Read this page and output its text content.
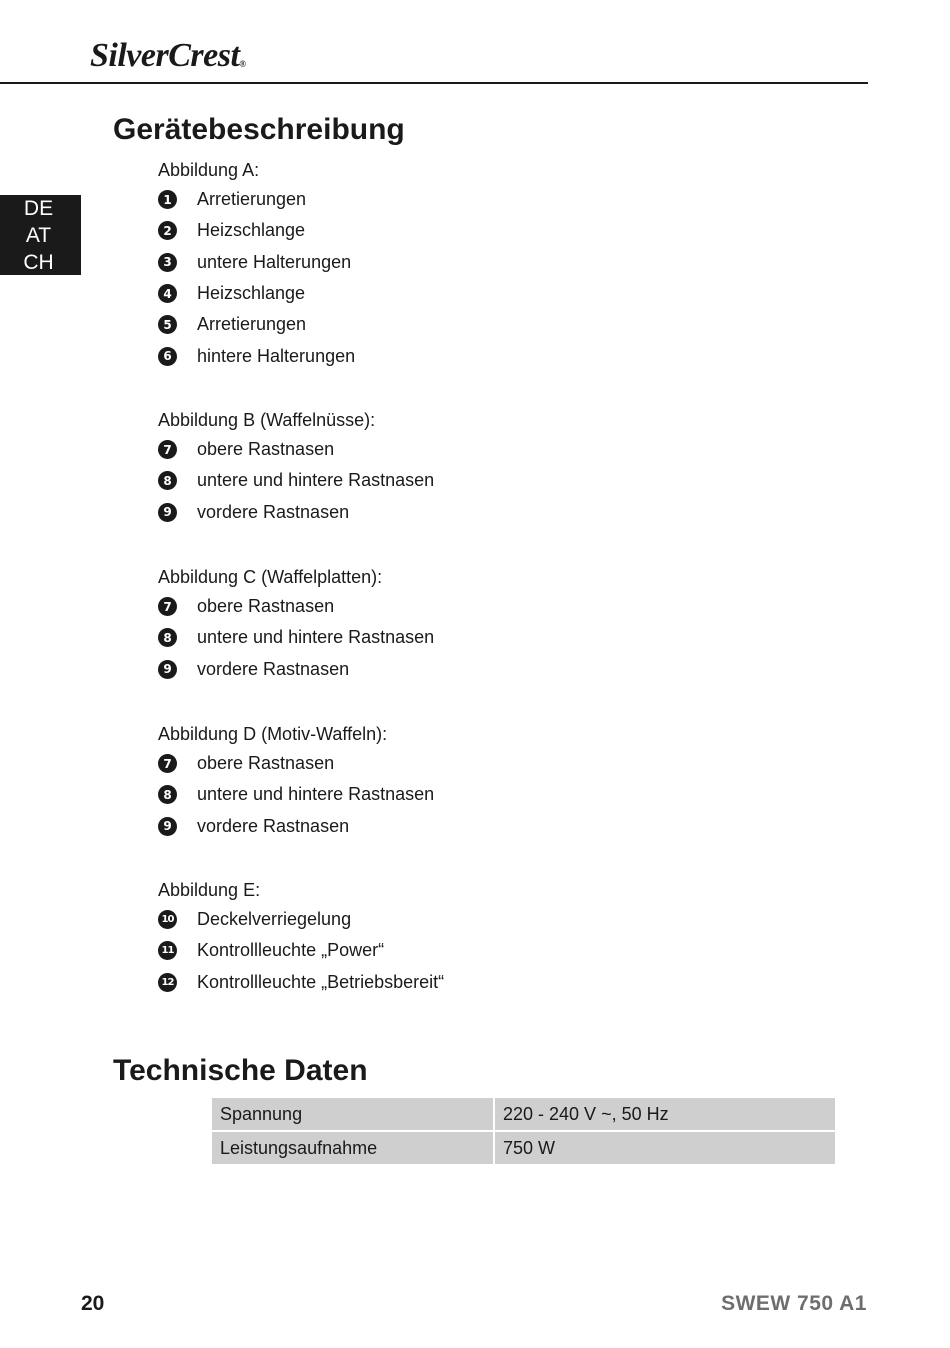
SilverCrest®
DE
AT
CH
Gerätebeschreibung
Abbildung A:
1 Arretierungen
2 Heizschlange
3 untere Halterungen
4 Heizschlange
5 Arretierungen
6 hintere Halterungen
Abbildung B (Waffelnüsse):
7 obere Rastnasen
8 untere und hintere Rastnasen
9 vordere Rastnasen
Abbildung C (Waffelplatten):
7 obere Rastnasen
8 untere und hintere Rastnasen
9 vordere Rastnasen
Abbildung D (Motiv-Waffeln):
7 obere Rastnasen
8 untere und hintere Rastnasen
9 vordere Rastnasen
Abbildung E:
10 Deckelverriegelung
11 Kontrollleuchte „Power“
12 Kontrollleuchte „Betriebsbereit“
Technische Daten
Spannung	220 - 240 V ~, 50 Hz
Leistungsaufnahme	750 W
20	SWEW 750 A1
